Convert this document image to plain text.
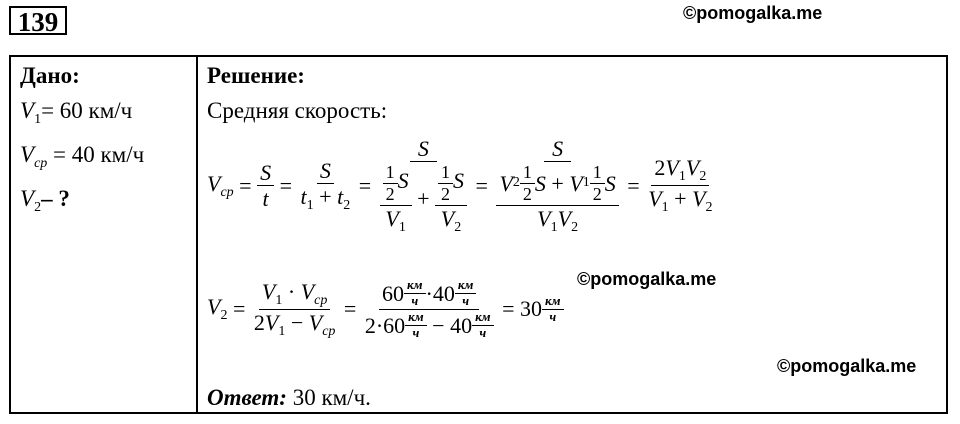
139	©pomogalka.me
Дано:
$V_1= 60$ км/ч
$V_{ср} = 40$ км/ч
$V_2-$ ?
Решение:
Средняя скорость:
$V_{ср} = \frac{S}{t} = \frac{S}{t_1 + t_2} = \frac{S}{\frac{\frac{1}{2} S}{V_1} + \frac{\frac{1}{2} S}{V_2}} = \frac{S}{\frac{V 2 \frac{1}{2} S + V 1 \frac{1}{2} S}{V_1V_2}} = \frac{2V_1V_2}{V_1 + V_2}$
©pomogalka.me
$V_2 = \frac{V_1 \cdot V_{ср}}{2V_1 - V_{ср}} = \frac{60 \frac{км}{ч} \cdot 40 \frac{км}{ч}}{2 \cdot 60 \frac{км}{ч} - 40 \frac{км}{ч}} = 30 \frac{км}{ч}$
©pomogalka.me
Ответ: 30 км/ч.
